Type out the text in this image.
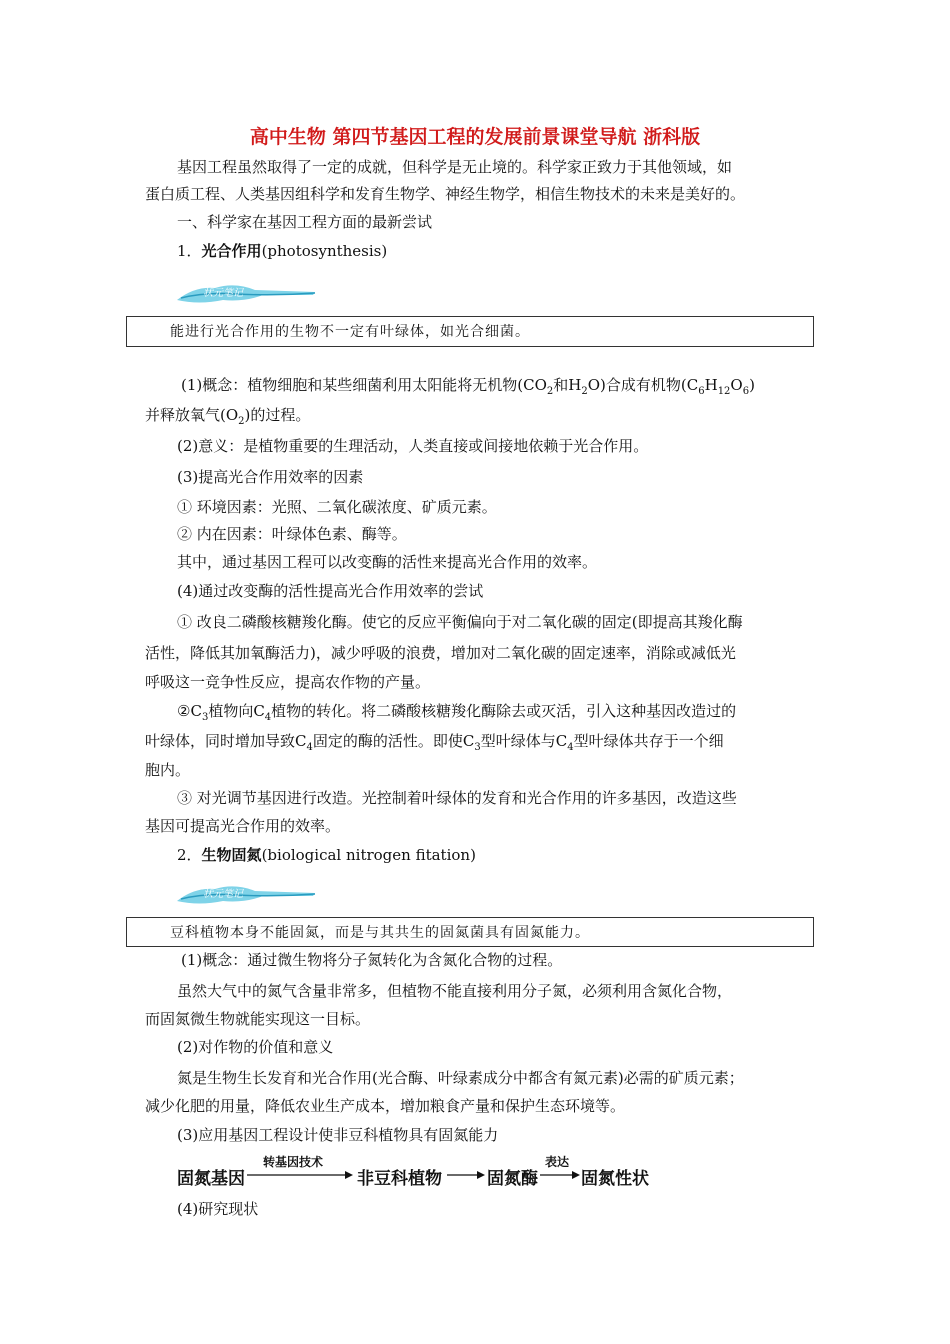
高中生物 第四节基因工程的发展前景课堂导航 浙科版
基因工程虽然取得了一定的成就，但科学是无止境的。科学家正致力于其他领域，如
蛋白质工程、人类基因组科学和发育生物学、神经生物学，相信生物技术的未来是美好的。
一、科学家在基因工程方面的最新尝试
1．光合作用(photosynthesis)
状元笔记
能进行光合作用的生物不一定有叶绿体，如光合细菌。
(1)概念：植物细胞和某些细菌利用太阳能将无机物($CO_2$和$H_2O$)合成有机物$(C_6H_{12}O_6)$
并释放氧气$(O_2)$的过程。
(2)意义：是植物重要的生理活动，人类直接或间接地依赖于光合作用。
(3)提高光合作用效率的因素
① 环境因素：光照、二氧化碳浓度、矿质元素。
② 内在因素：叶绿体色素、酶等。
其中，通过基因工程可以改变酶的活性来提高光合作用的效率。
(4)通过改变酶的活性提高光合作用效率的尝试
① 改良二磷酸核糖羧化酶。使它的反应平衡偏向于对二氧化碳的固定(即提高其羧化酶
活性，降低其加氧酶活力)，减少呼吸的浪费，增加对二氧化碳的固定速率，消除或减低光
呼吸这一竞争性反应，提高农作物的产量。
$②C_3$植物向$C_4$植物的转化。将二磷酸核糖羧化酶除去或灭活，引入这种基因改造过的
叶绿体，同时增加导致$C_4$固定的酶的活性。即使$C_3$型叶绿体与$C_4$型叶绿体共存于一个细
胞内。
③ 对光调节基因进行改造。光控制着叶绿体的发育和光合作用的许多基因，改造这些
基因可提高光合作用的效率。
2．生物固氮(biological nitrogen fitation)
状元笔记
豆科植物本身不能固氮，而是与其共生的固氮菌具有固氮能力。
(1)概念：通过微生物将分子氮转化为含氮化合物的过程。
虽然大气中的氮气含量非常多，但植物不能直接利用分子氮，必须利用含氮化合物，
而固氮微生物就能实现这一目标。
(2)对作物的价值和意义
氮是生物生长发育和光合作用(光合酶、叶绿素成分中都含有氮元素)必需的矿质元素；
减少化肥的用量，降低农业生产成本，增加粮食产量和保护生态环境等。
(3)应用基因工程设计使非豆科植物具有固氮能力
固氮基因
转基因技术
非豆科植物	固氮酶
表达
固氮性状
(4)研究现状
